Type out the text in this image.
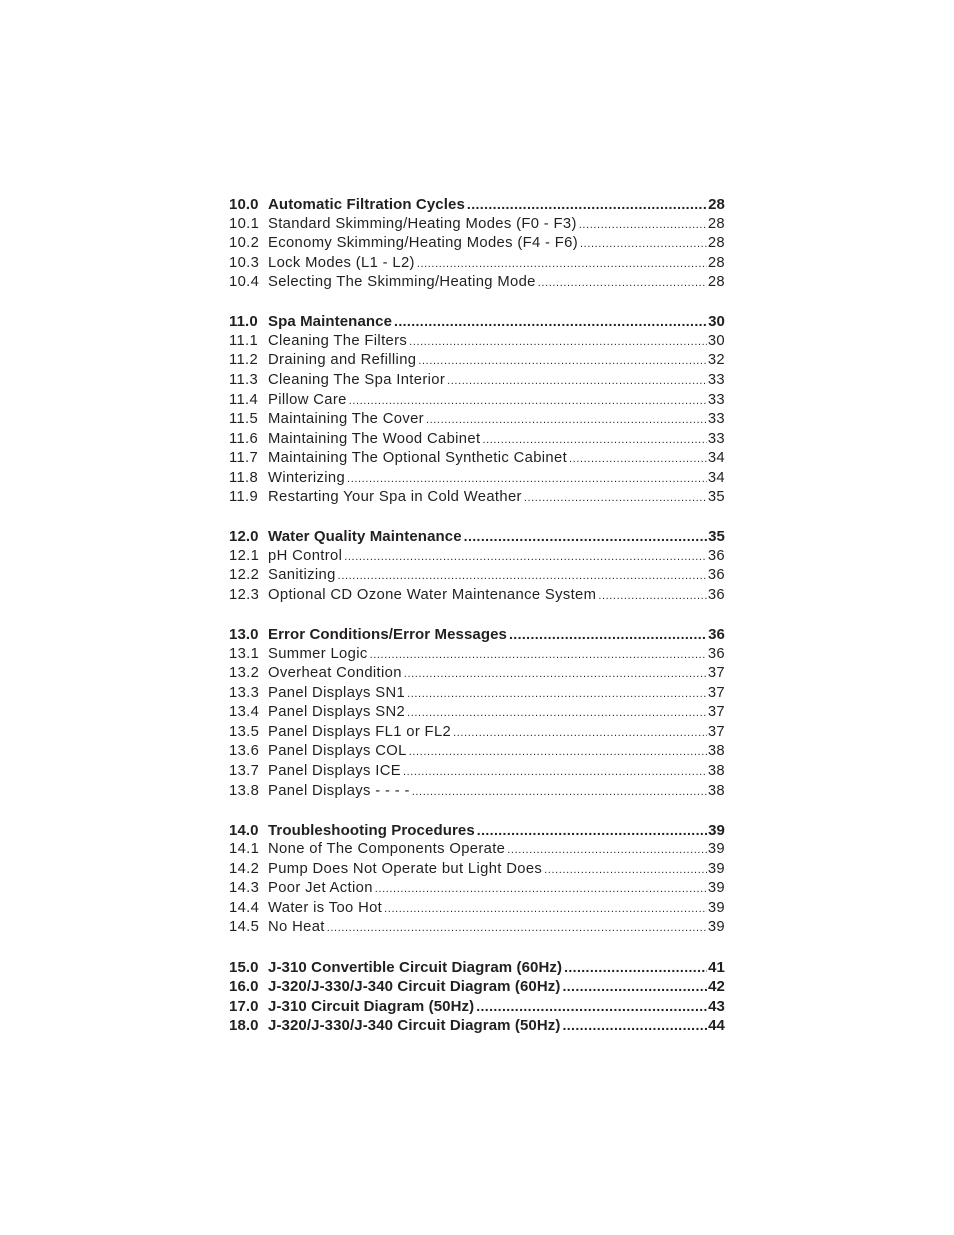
10.0 Automatic Filtration Cycles .....	28
10.1 Standard Skimming/Heating Modes (F0 - F3) .....	28
10.2 Economy Skimming/Heating Modes (F4 - F6) .....	28
10.3 Lock Modes (L1 - L2) .....	28
10.4 Selecting The Skimming/Heating Mode .....	28
11.0 Spa Maintenance .....	30
11.1 Cleaning The Filters .....	30
11.2 Draining and Refilling .....	32
11.3 Cleaning The Spa Interior .....	33
11.4 Pillow Care .....	33
11.5 Maintaining The Cover .....	33
11.6 Maintaining The Wood Cabinet .....	33
11.7 Maintaining The Optional Synthetic Cabinet .....	34
11.8 Winterizing .....	34
11.9 Restarting Your Spa in Cold Weather .....	35
12.0 Water Quality Maintenance .....	35
12.1 pH Control .....	36
12.2 Sanitizing .....	36
12.3 Optional CD Ozone Water Maintenance System .....	36
13.0 Error Conditions/Error Messages .....	36
13.1 Summer Logic .....	36
13.2 Overheat Condition .....	37
13.3 Panel Displays SN1 .....	37
13.4 Panel Displays SN2 .....	37
13.5 Panel Displays FL1 or FL2 .....	37
13.6 Panel Displays COL .....	38
13.7 Panel Displays ICE .....	38
13.8 Panel Displays - - - - .....	38
14.0 Troubleshooting Procedures .....	39
14.1 None of The Components Operate .....	39
14.2 Pump Does Not Operate but Light Does .....	39
14.3 Poor Jet Action .....	39
14.4 Water is Too Hot .....	39
14.5 No Heat .....	39
15.0 J-310 Convertible Circuit Diagram (60Hz) .....	41
16.0 J-320/J-330/J-340 Circuit Diagram (60Hz) .....	42
17.0 J-310 Circuit Diagram (50Hz) .....	43
18.0 J-320/J-330/J-340 Circuit Diagram (50Hz) .....	44
